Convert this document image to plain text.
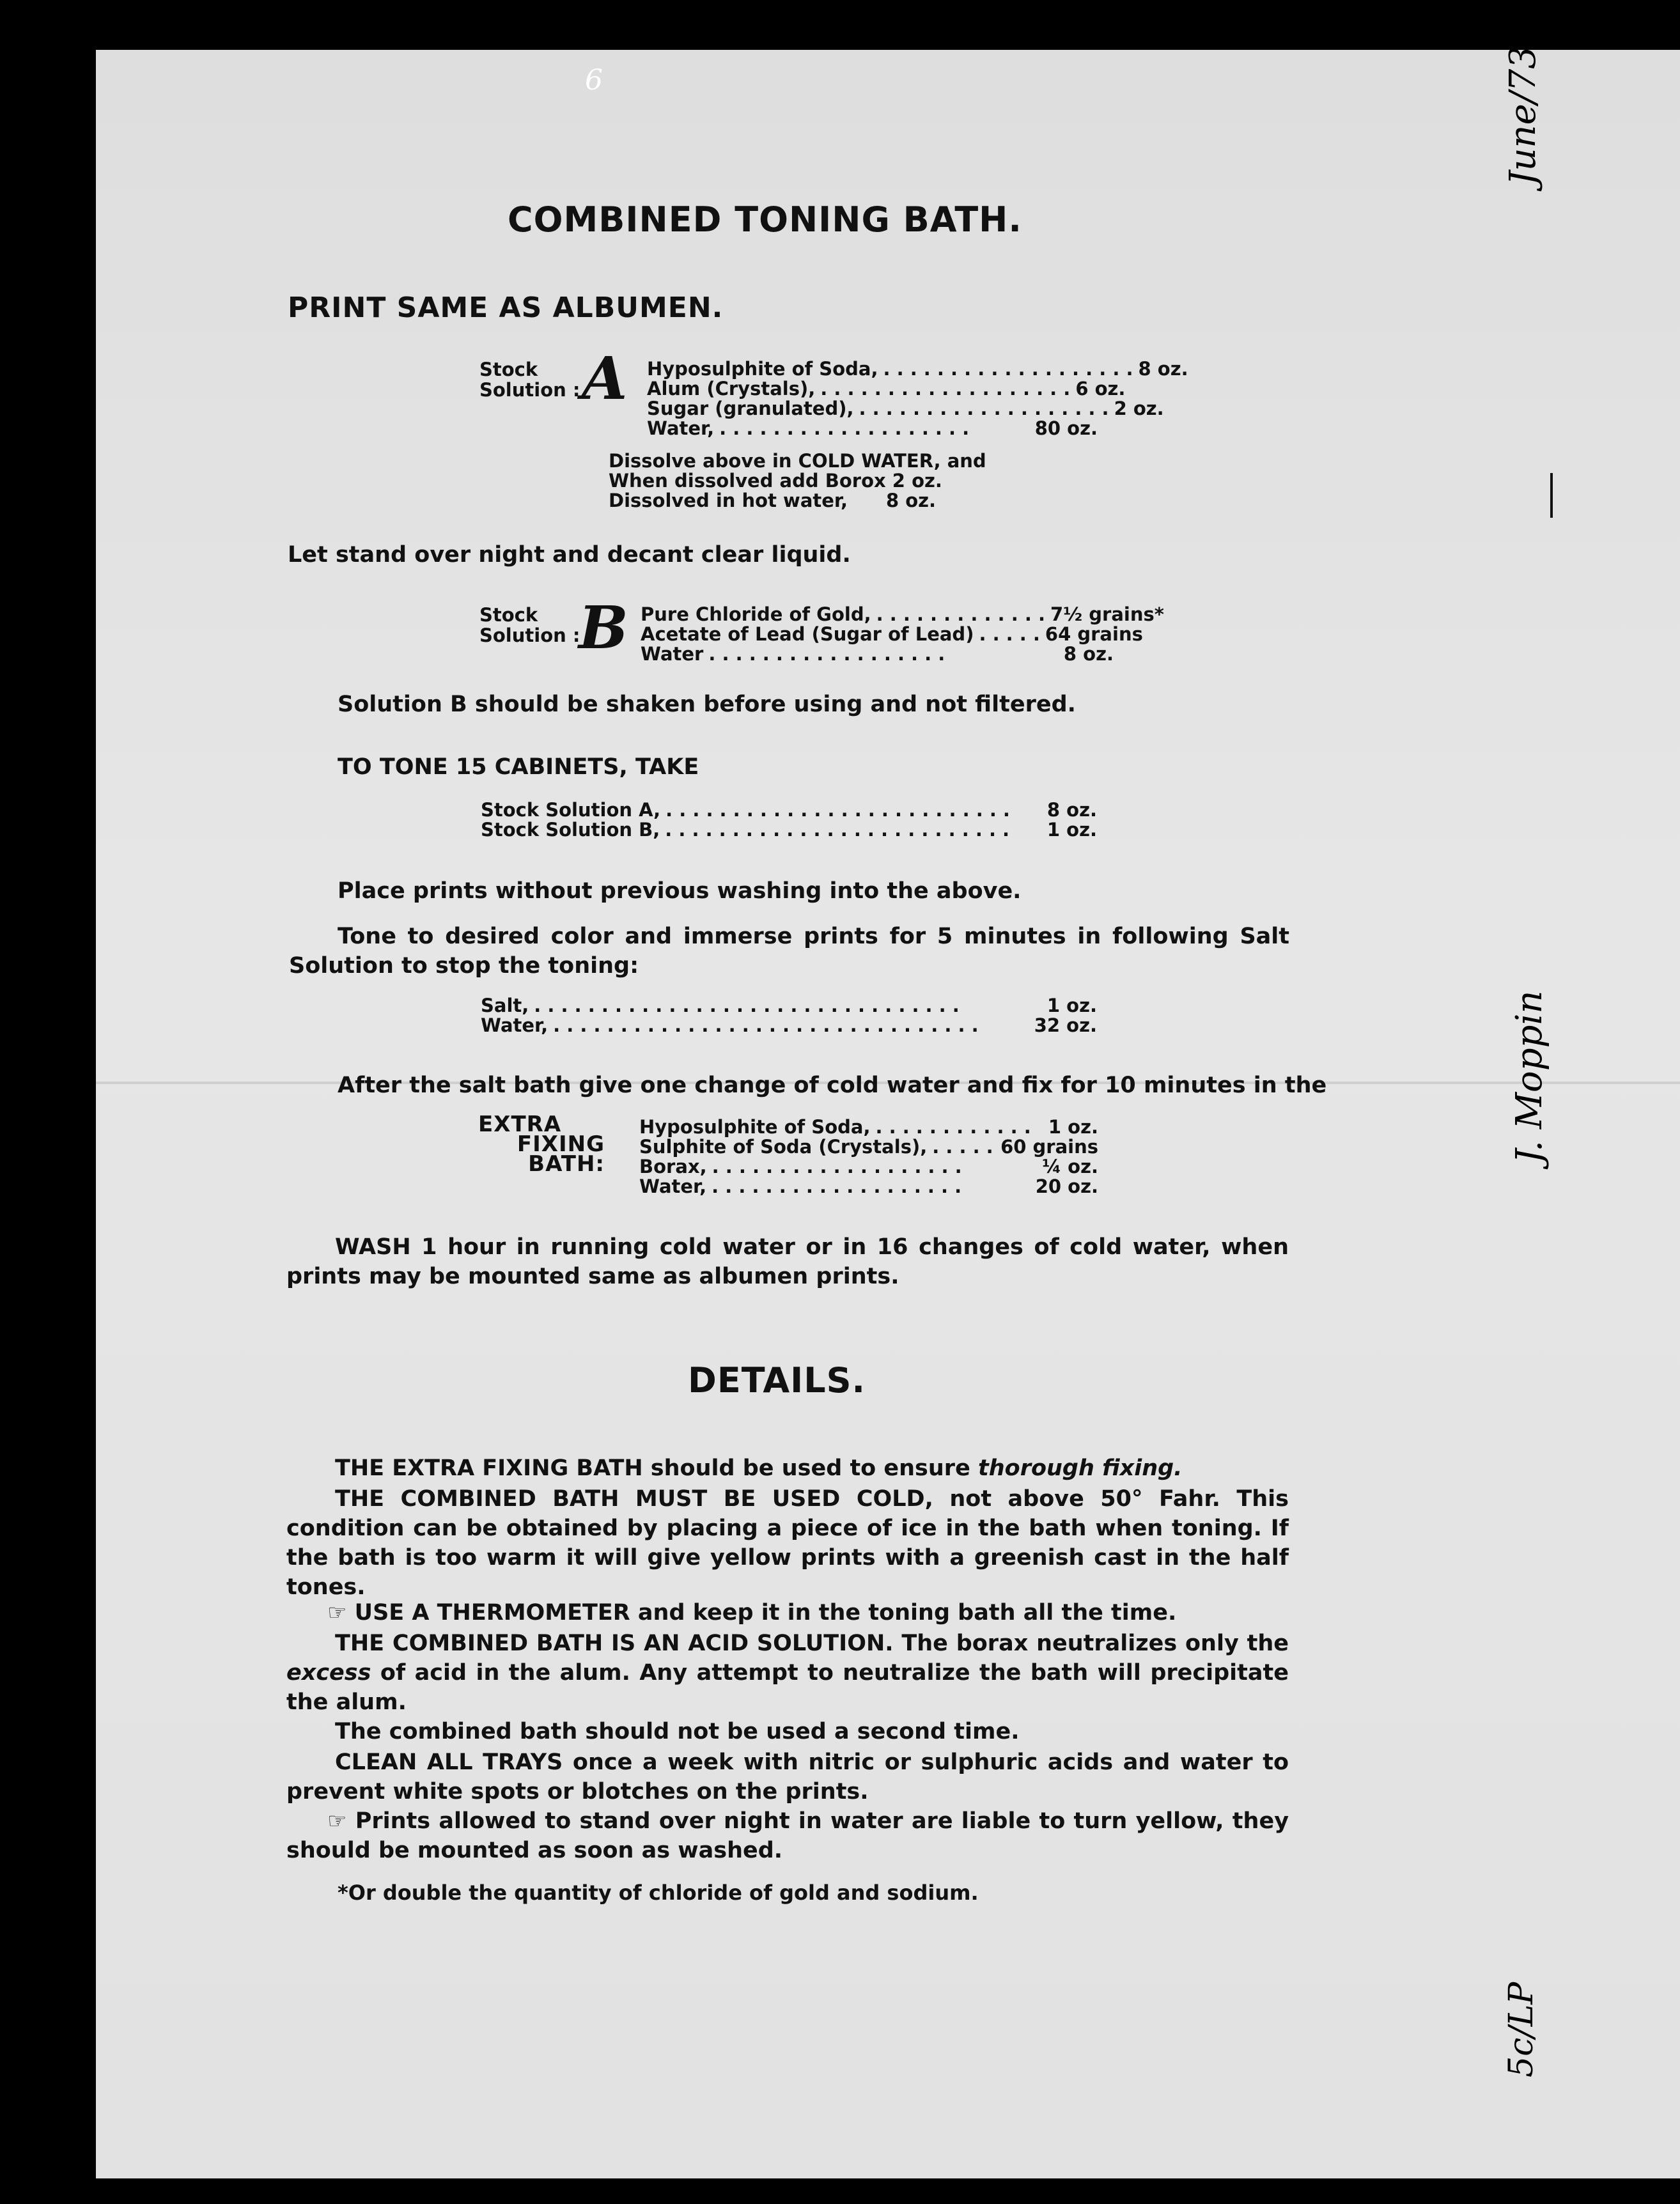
June/73
J. Moppin
5c/LP
6
COMBINED TONING BATH.
PRINT SAME AS ALBUMEN.
Stock
Solution : A Hyposulphite of Soda, . . . . . . . . . . . . . . . . . . . 8 oz.
Alum (Crystals), . . . . . . . . . . . . . . . . . . . 6 oz.
Sugar (granulated), . . . . . . . . . . . . . . . . . . . 2 oz.
Water, . . . . . . . . . . . . . . . . . . .	80 oz.
Dissolve above in COLD WATER, and
When dissolved add Borox 2 oz.
Dissolved in hot water, 8 oz.
Let stand over night and decant clear liquid.
Stock
Solution :
B Pure Chloride of Gold, . . . . . . . . . . . . . 7½ grains*
Acetate of Lead (Sugar of Lead) . . . . . 64 grains
Water . . . . . . . . . . . . . . . . . .	8 oz.
Solution B should be shaken before using and not filtered.
TO TONE 15 CABINETS, TAKE
Stock Solution A, . . . . . . . . . . . . . . . . . . . . . . . . . .	8 oz.
Stock Solution B, . . . . . . . . . . . . . . . . . . . . . . . . . .	1 oz.
Place prints without previous washing into the above.
Tone to desired color and immerse prints for 5 minutes in following Salt Solution to stop the toning:
Salt, . . . . . . . . . . . . . . . . . . . . . . . . . . . . . . . .	1 oz.
Water, . . . . . . . . . . . . . . . . . . . . . . . . . . . . . . . .	32 oz.
After the salt bath give one change of cold water and fix for 10 minutes in the
EXTRA
FIXING
BATH:
Hyposulphite of Soda, . . . . . . . . . . . . 1 oz.
Sulphite of Soda (Crystals), . . . . . 60 grains
Borax, . . . . . . . . . . . . . . . . . . .	¼ oz.
Water, . . . . . . . . . . . . . . . . . . .	20 oz.
WASH 1 hour in running cold water or in 16 changes of cold water, when prints may be mounted same as albumen prints.
DETAILS.
THE EXTRA FIXING BATH should be used to ensure thorough fixing.
THE COMBINED BATH MUST BE USED COLD, not above 50° Fahr. This condition can be obtained by placing a piece of ice in the bath when toning. If the bath is too warm it will give yellow prints with a greenish cast in the half tones.
☞ USE A THERMOMETER and keep it in the toning bath all the time.
THE COMBINED BATH IS AN ACID SOLUTION. The borax neutralizes only the excess of acid in the alum. Any attempt to neutralize the bath will precipitate the alum.
The combined bath should not be used a second time.
CLEAN ALL TRAYS once a week with nitric or sulphuric acids and water to prevent white spots or blotches on the prints.
☞ Prints allowed to stand over night in water are liable to turn yellow, they should be mounted as soon as washed.
*Or double the quantity of chloride of gold and sodium.
